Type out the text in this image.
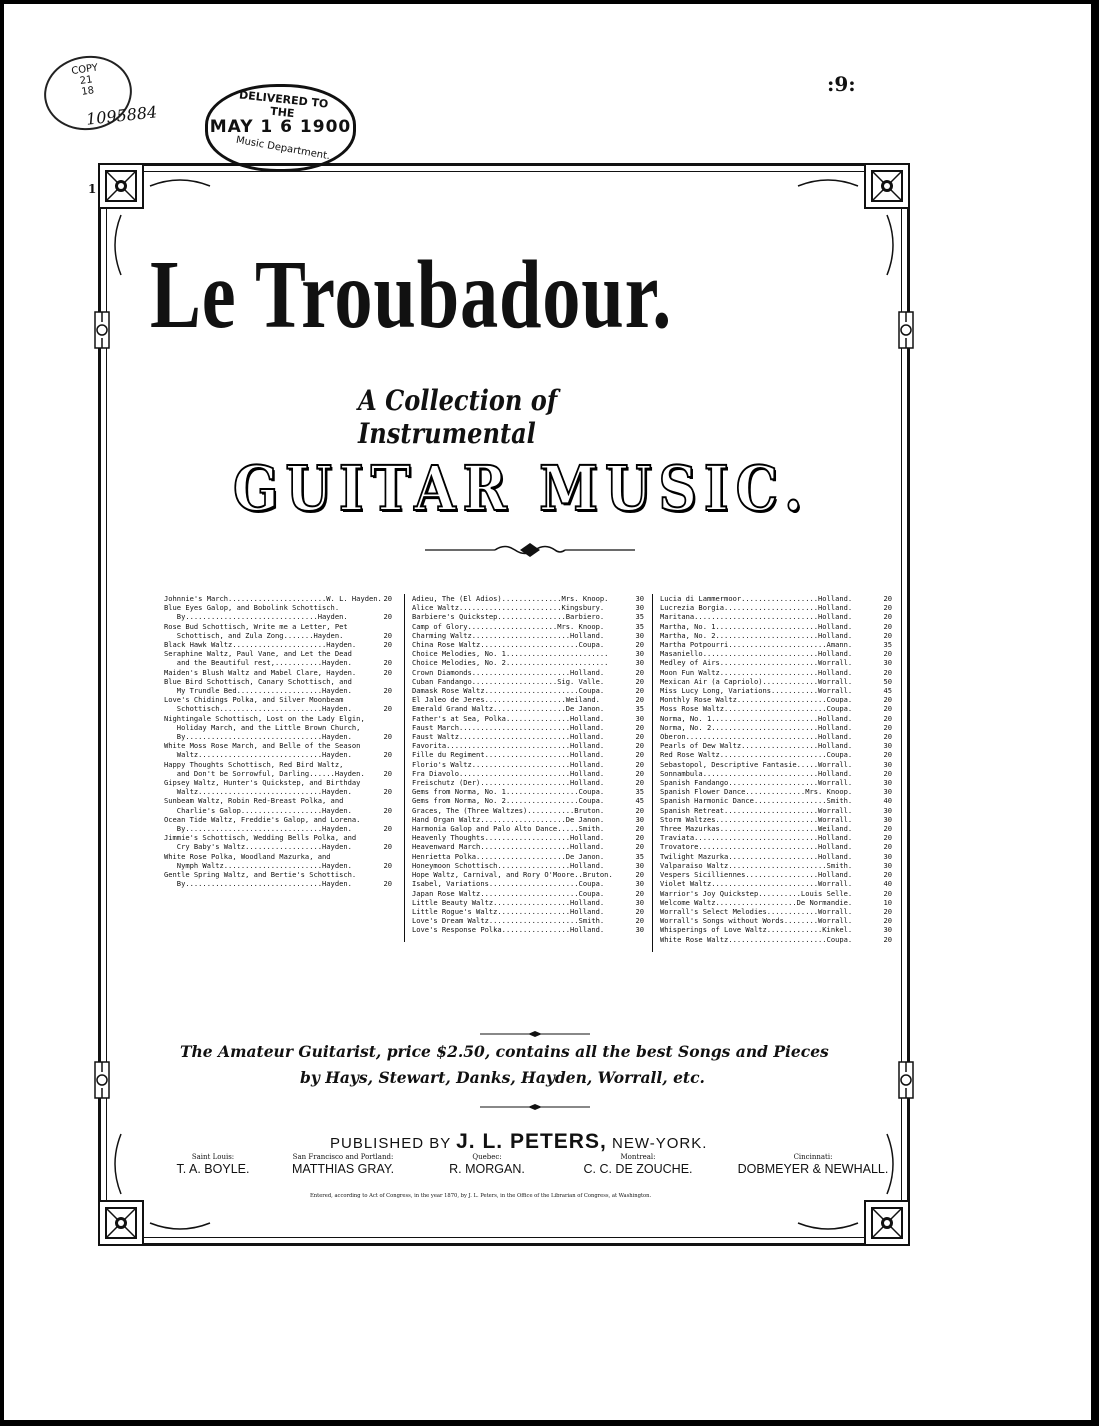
COPY
21
18
1095884
DELIVERED TO THE
MAY 1 6 1900
Music Department.
:9:
1
Le Troubadour.
A Collection of Instrumental
GUITAR MUSIC.
Johnnie's March.......................W. L. Hayden. 20
Blue Eyes Galop, and Bobolink Schottisch.
By...............................Hayden.	20
Rose Bud Schottisch, Write me a Letter, Pet
Schottisch, and Zula Zong.......Hayden.	20
Black Hawk Waltz......................Hayden.	20
Seraphine Waltz, Paul Vane, and Let the Dead
and the Beautiful rest,...........Hayden.	20
Maiden's Blush Waltz and Mabel Clare, Hayden.	20
Blue Bird Schottisch, Canary Schottisch, and
My Trundle Bed....................Hayden.	20
Love's Chidings Polka, and Silver Moonbeam
Schottisch........................Hayden.	20
Nightingale Schottisch, Lost on the Lady Elgin,
Holiday March, and the Little Brown Church,
By................................Hayden.	20
White Moss Rose March, and Belle of the Season
Waltz.............................Hayden.	20
Happy Thoughts Schottisch, Red Bird Waltz,
and Don't be Sorrowful, Darling......Hayden.	20
Gipsey Waltz, Hunter's Quickstep, and Birthday
Waltz.............................Hayden.	20
Sunbeam Waltz, Robin Red-Breast Polka, and
Charlie's Galop...................Hayden.	20
Ocean Tide Waltz, Freddie's Galop, and Lorena.
By................................Hayden.	20
Jimmie's Schottisch, Wedding Bells Polka, and
Cry Baby's Waltz..................Hayden.	20
White Rose Polka, Woodland Mazurka, and
Nymph Waltz.......................Hayden.	20
Gentle Spring Waltz, and Bertie's Schottisch.
By................................Hayden.	20
Adieu, The (El Adios)..............Mrs. Knoop.	30
Alice Waltz........................Kingsbury.	30
Barbiere's Quickstep................Barbiero.	35
Camp of Glory.....................Mrs. Knoop.	35
Charming Waltz.......................Holland.	30
China Rose Waltz.......................Coupa.	20
Choice Melodies, No. 1........................	30
Choice Melodies, No. 2........................	30
Crown Diamonds.......................Holland.	20
Cuban Fandango....................Sig. Valle.	20
Damask Rose Waltz......................Coupa.	20
El Jaleo de Jeres...................Weiland.	20
Emerald Grand Waltz.................De Janon.	35
Father's at Sea, Polka...............Holland.	30
Faust March..........................Holland.	20
Faust Waltz..........................Holland.	20
Favorita.............................Holland.	20
Fille du Regiment....................Holland.	20
Florio's Waltz.......................Holland.	20
Fra Diavolo..........................Holland.	20
Freischutz (Der).....................Holland.	20
Gems from Norma, No. 1.................Coupa.	35
Gems from Norma, No. 2.................Coupa.	45
Graces, The (Three Waltzes)...........Bruton.	20
Hand Organ Waltz....................De Janon.	30
Harmonia Galop and Palo Alto Dance.....Smith.	20
Heavenly Thoughts....................Holland.	20
Heavenward March.....................Holland.	20
Henrietta Polka.....................De Janon.	35
Honeymoon Schottisch.................Holland.	30
Hope Waltz, Carnival, and Rory O'Moore..Bruton.	20
Isabel, Variations.....................Coupa.	30
Japan Rose Waltz.......................Coupa.	20
Little Beauty Waltz..................Holland.	30
Little Rogue's Waltz.................Holland.	20
Love's Dream Waltz.....................Smith.	20
Love's Response Polka................Holland.	30
Lucia di Lammermoor..................Holland.	20
Lucrezia Borgia......................Holland.	20
Maritana.............................Holland.	20
Martha, No. 1........................Holland.	20
Martha, No. 2........................Holland.	20
Martha Potpourri.......................Amann.	35
Masaniello...........................Holland.	20
Medley of Airs.......................Worrall.	30
Moon Fun Waltz.......................Holland.	20
Mexican Air (a Capriolo).............Worrall.	50
Miss Lucy Long, Variations...........Worrall.	45
Monthly Rose Waltz.....................Coupa.	20
Moss Rose Waltz........................Coupa.	20
Norma, No. 1.........................Holland.	20
Norma, No. 2.........................Holland.	20
Oberon...............................Holland.	20
Pearls of Dew Waltz..................Holland.	30
Red Rose Waltz.........................Coupa.	20
Sebastopol, Descriptive Fantasie.....Worrall.	30
Sonnambula...........................Holland.	20
Spanish Fandango.....................Worrall.	30
Spanish Flower Dance..............Mrs. Knoop.	30
Spanish Harmonic Dance.................Smith.	40
Spanish Retreat......................Worrall.	30
Storm Waltzes........................Worrall.	30
Three Mazurkas.......................Weiland.	20
Traviata.............................Holland.	20
Trovatore............................Holland.	20
Twilight Mazurka.....................Holland.	30
Valparaiso Waltz.......................Smith.	30
Vespers Sicilliennes.................Holland.	20
Violet Waltz.........................Worrall.	40
Warrior's Joy Quickstep..........Louis Selle.	20
Welcome Waltz...................De Normandie.	10
Worrall's Select Melodies............Worrall.	20
Worrall's Songs without Words........Worrall.	20
Whisperings of Love Waltz.............Kinkel.	30
White Rose Waltz.......................Coupa.	20
The Amateur Guitarist, price $2.50, contains all the best Songs and Pieces
by Hays, Stewart, Danks, Hayden, Worrall, etc.
PUBLISHED BY J. L. PETERS, NEW-YORK.
Saint Louis:
T. A. BOYLE.
San Francisco and Portland:
MATTHIAS GRAY.
Quebec:
R. MORGAN.
Montreal:
C. C. DE ZOUCHE.
Cincinnati:
DOBMEYER & NEWHALL.
Entered, according to Act of Congress, in the year 1870, by J. L. Peters, in the Office of the Librarian of Congress, at Washington.
